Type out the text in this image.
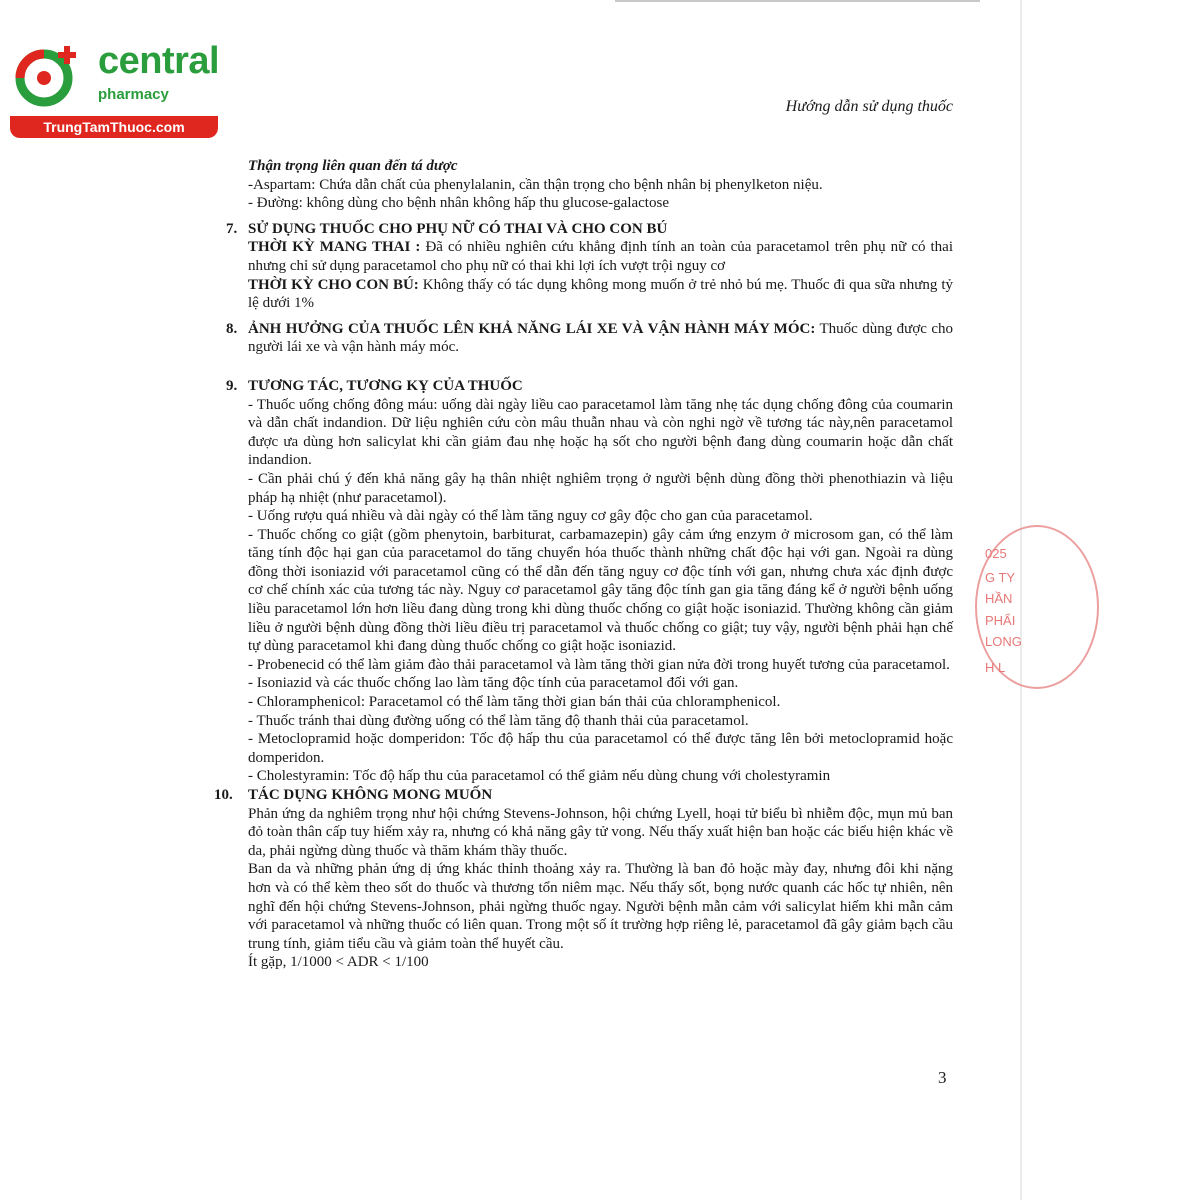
central
pharmacy
TrungTamThuoc.com
Hướng dẫn sử dụng thuốc

Thận trọng liên quan đến tá dược

-Aspartam: Chứa dẫn chất của phenylalanin, cần thận trọng cho bệnh nhân bị phenylketon niệu.

- Đường: không dùng cho bệnh nhân không hấp thu glucose-galactose

7. SỬ DỤNG THUỐC CHO PHỤ NỮ CÓ THAI VÀ CHO CON BÚ

THỜI KỲ MANG THAI : Đã có nhiều nghiên cứu khẳng định tính an toàn của paracetamol trên phụ nữ có thai nhưng chỉ sử dụng paracetamol cho phụ nữ có thai khi lợi ích vượt trội nguy cơ

THỜI KỲ CHO CON BÚ: Không thấy có tác dụng không mong muốn ở trẻ nhỏ bú mẹ. Thuốc đi qua sữa nhưng tỷ lệ dưới 1%

8. ẢNH HƯỞNG CỦA THUỐC LÊN KHẢ NĂNG LÁI XE VÀ VẬN HÀNH MÁY MÓC: Thuốc dùng được cho người lái xe và vận hành máy móc.
9. TƯƠNG TÁC, TƯƠNG KỴ CỦA THUỐC

- Thuốc uống chống đông máu: uống dài ngày liều cao paracetamol làm tăng nhẹ tác dụng chống đông của coumarin và dẫn chất indandion. Dữ liệu nghiên cứu còn mâu thuẫn nhau và còn nghi ngờ về tương tác này,nên paracetamol được ưa dùng hơn salicylat khi cần giảm đau nhẹ hoặc hạ sốt cho người bệnh đang dùng coumarin hoặc dẫn chất indandion.

- Cần phải chú ý đến khả năng gây hạ thân nhiệt nghiêm trọng ở người bệnh dùng đồng thời phenothiazin và liệu pháp hạ nhiệt (như paracetamol).

- Uống rượu quá nhiều và dài ngày có thể làm tăng nguy cơ gây độc cho gan của paracetamol.

- Thuốc chống co giật (gồm phenytoin, barbiturat, carbamazepin) gây cảm ứng enzym ở microsom gan, có thể làm tăng tính độc hại gan của paracetamol do tăng chuyển hóa thuốc thành những chất độc hại với gan. Ngoài ra dùng đồng thời isoniazid với paracetamol cũng có thể dẫn đến tăng nguy cơ độc tính với gan, nhưng chưa xác định được cơ chế chính xác của tương tác này. Nguy cơ paracetamol gây tăng độc tính gan gia tăng đáng kể ở người bệnh uống liều paracetamol lớn hơn liều đang dùng trong khi dùng thuốc chống co giật hoặc isoniazid. Thường không cần giảm liều ở người bệnh dùng đồng thời liều điều trị paracetamol và thuốc chống co giật; tuy vậy, người bệnh phải hạn chế tự dùng paracetamol khi đang dùng thuốc chống co giật hoặc isoniazid.

- Probenecid có thể làm giảm đào thải paracetamol và làm tăng thời gian nửa đời trong huyết tương của paracetamol.

- Isoniazid và các thuốc chống lao làm tăng độc tính của paracetamol đối với gan.

- Chloramphenicol: Paracetamol có thể làm tăng thời gian bán thải của chloramphenicol.

- Thuốc tránh thai dùng đường uống có thể làm tăng độ thanh thải của paracetamol.

- Metoclopramid hoặc domperidon: Tốc độ hấp thu của paracetamol có thể được tăng lên bởi metoclopramid hoặc domperidon.

- Cholestyramin: Tốc độ hấp thu của paracetamol có thể giảm nếu dùng chung với cholestyramin

10.	TÁC DỤNG KHÔNG MONG MUỐN

Phản ứng da nghiêm trọng như hội chứng Stevens-Johnson, hội chứng Lyell, hoại tử biểu bì nhiễm độc, mụn mủ ban đỏ toàn thân cấp tuy hiếm xảy ra, nhưng có khả năng gây tử vong. Nếu thấy xuất hiện ban hoặc các biểu hiện khác về da, phải ngừng dùng thuốc và thăm khám thầy thuốc.

Ban da và những phản ứng dị ứng khác thỉnh thoảng xảy ra. Thường là ban đỏ hoặc mày đay, nhưng đôi khi nặng hơn và có thể kèm theo sốt do thuốc và thương tổn niêm mạc. Nếu thấy sốt, bọng nước quanh các hốc tự nhiên, nên nghĩ đến hội chứng Stevens-Johnson, phải ngừng thuốc ngay. Người bệnh mẫn cảm với salicylat hiếm khi mẫn cảm với paracetamol và những thuốc có liên quan. Trong một số ít trường hợp riêng lẻ, paracetamol đã gây giảm bạch cầu trung tính, giảm tiểu cầu và giảm toàn thể huyết cầu.

Ít gặp, 1/1000 < ADR < 1/100

025
G TY
HẦN
PHẨI
LONG
H L
3
